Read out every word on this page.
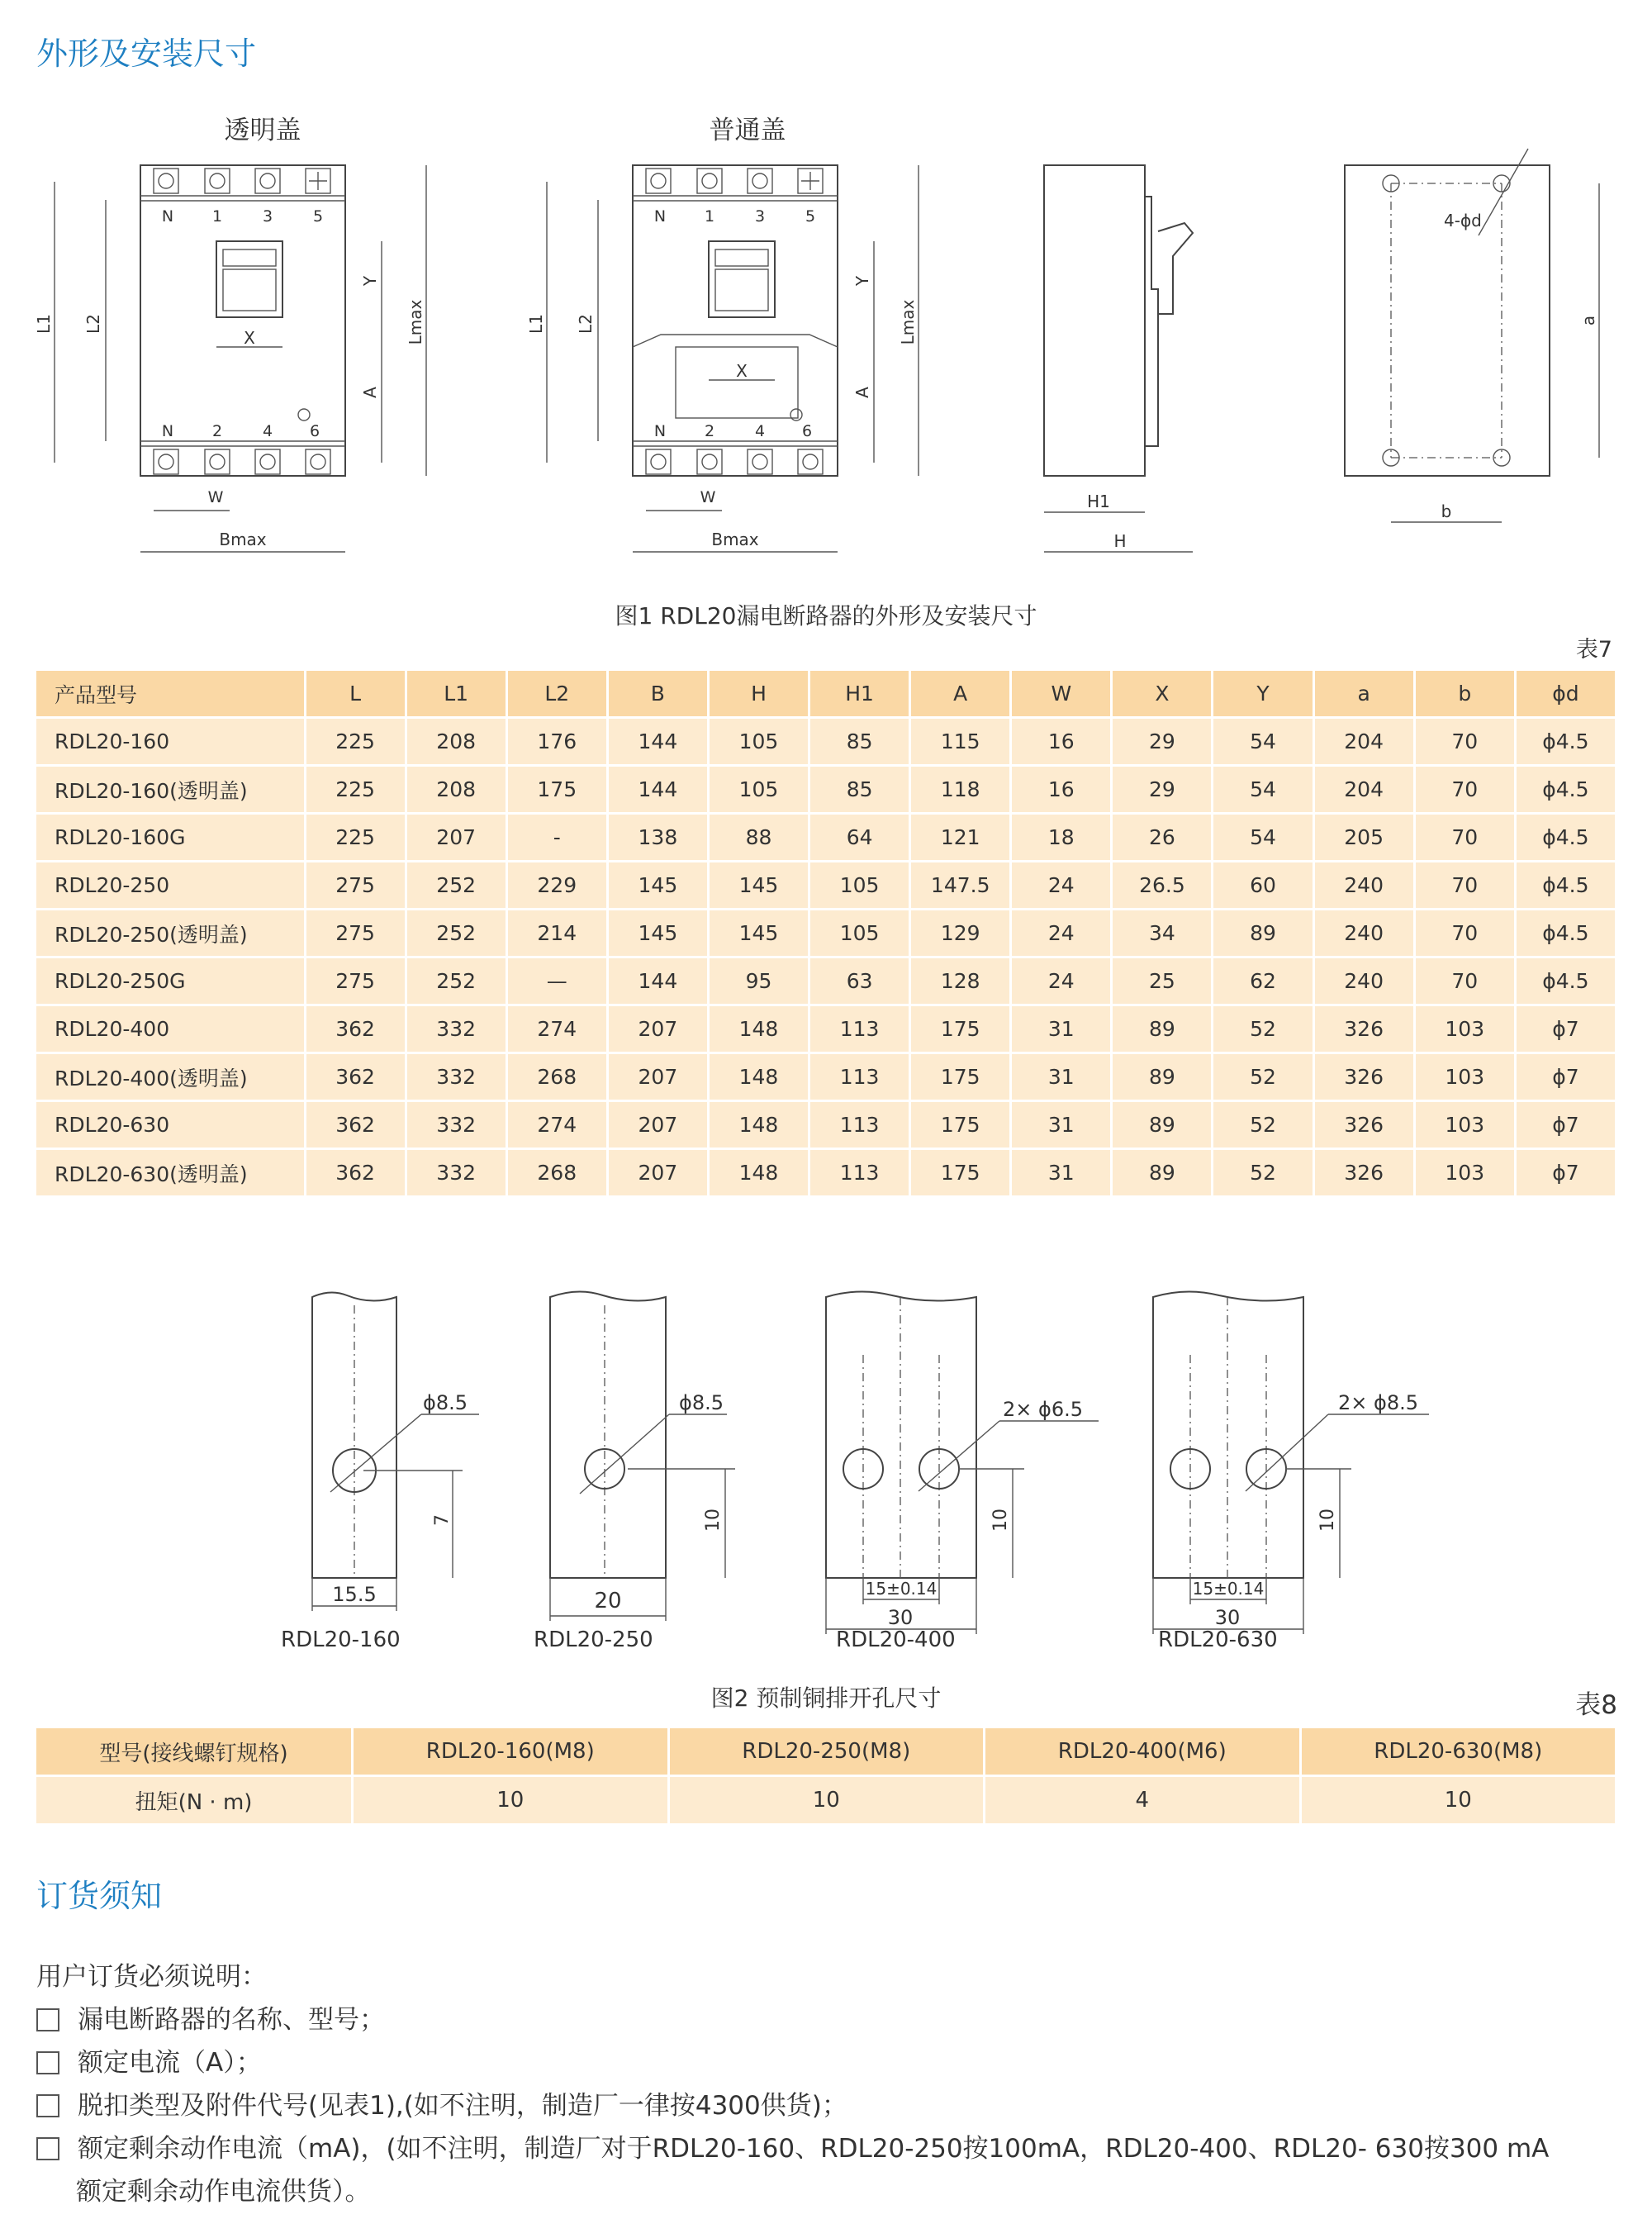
外形及安装尺寸
透明盖	普通盖
N 1	3	5
N 2	4 6
L1 L2	Lmax
Y
A
X
W
Bmax
N 1	3	5
N 2	4 6
L1 L2	Lmax
Y
A
X
W
Bmax
H1
H
4-ϕd
a
b
图1 RDL20漏电断路器的外形及安装尺寸
表7
产品型号	L	L1	L2	B	H	H1	A	W	X	Y	a	b	ϕd
RDL20-160	225	208	176	144	105	85	115	16	29	54	204	70	ϕ4.5
RDL20-160(透明盖)	225	208	175	144	105	85	118	16	29	54	204	70	ϕ4.5
RDL20-160G	225	207	-	138	88	64	121	18	26	54	205	70	ϕ4.5
RDL20-250	275	252	229	145	145	105	147.5	24	26.5	60	240	70	ϕ4.5
RDL20-250(透明盖)	275	252	214	145	145	105	129	24	34	89	240	70	ϕ4.5
RDL20-250G	275	252	—	144	95	63	128	24	25	62	240	70	ϕ4.5
RDL20-400	362	332	274	207	148	113	175	31	89	52	326	103	ϕ7
RDL20-400(透明盖)	362	332	268	207	148	113	175	31	89	52	326	103	ϕ7
RDL20-630	362	332	274	207	148	113	175	31	89	52	326	103	ϕ7
RDL20-630(透明盖)	362	332	268	207	148	113	175	31	89	52	326	103	ϕ7
ϕ8.5
7
15.5
ϕ8.5
10
20
2× ϕ6.5
10
15±0.14
30
2× ϕ8.5
10
15±0.14
30
RDL20-160	RDL20-250	RDL20-400	RDL20-630
图2 预制铜排开孔尺寸	表8
型号(接线螺钉规格)	RDL20-160(M8)	RDL20-250(M8)	RDL20-400(M6)	RDL20-630(M8)
扭矩(N · m)	10	10	4	10
订货须知
用户订货必须说明：
漏电断路器的名称、型号；
额定电流（A）；
脱扣类型及附件代号(见表1),(如不注明，制造厂一律按4300供货)；
额定剩余动作电流（mA)，(如不注明，制造厂对于RDL20-160、RDL20-250按100mA，RDL20-400、RDL20- 630按300 mA
额定剩余动作电流供货）。
